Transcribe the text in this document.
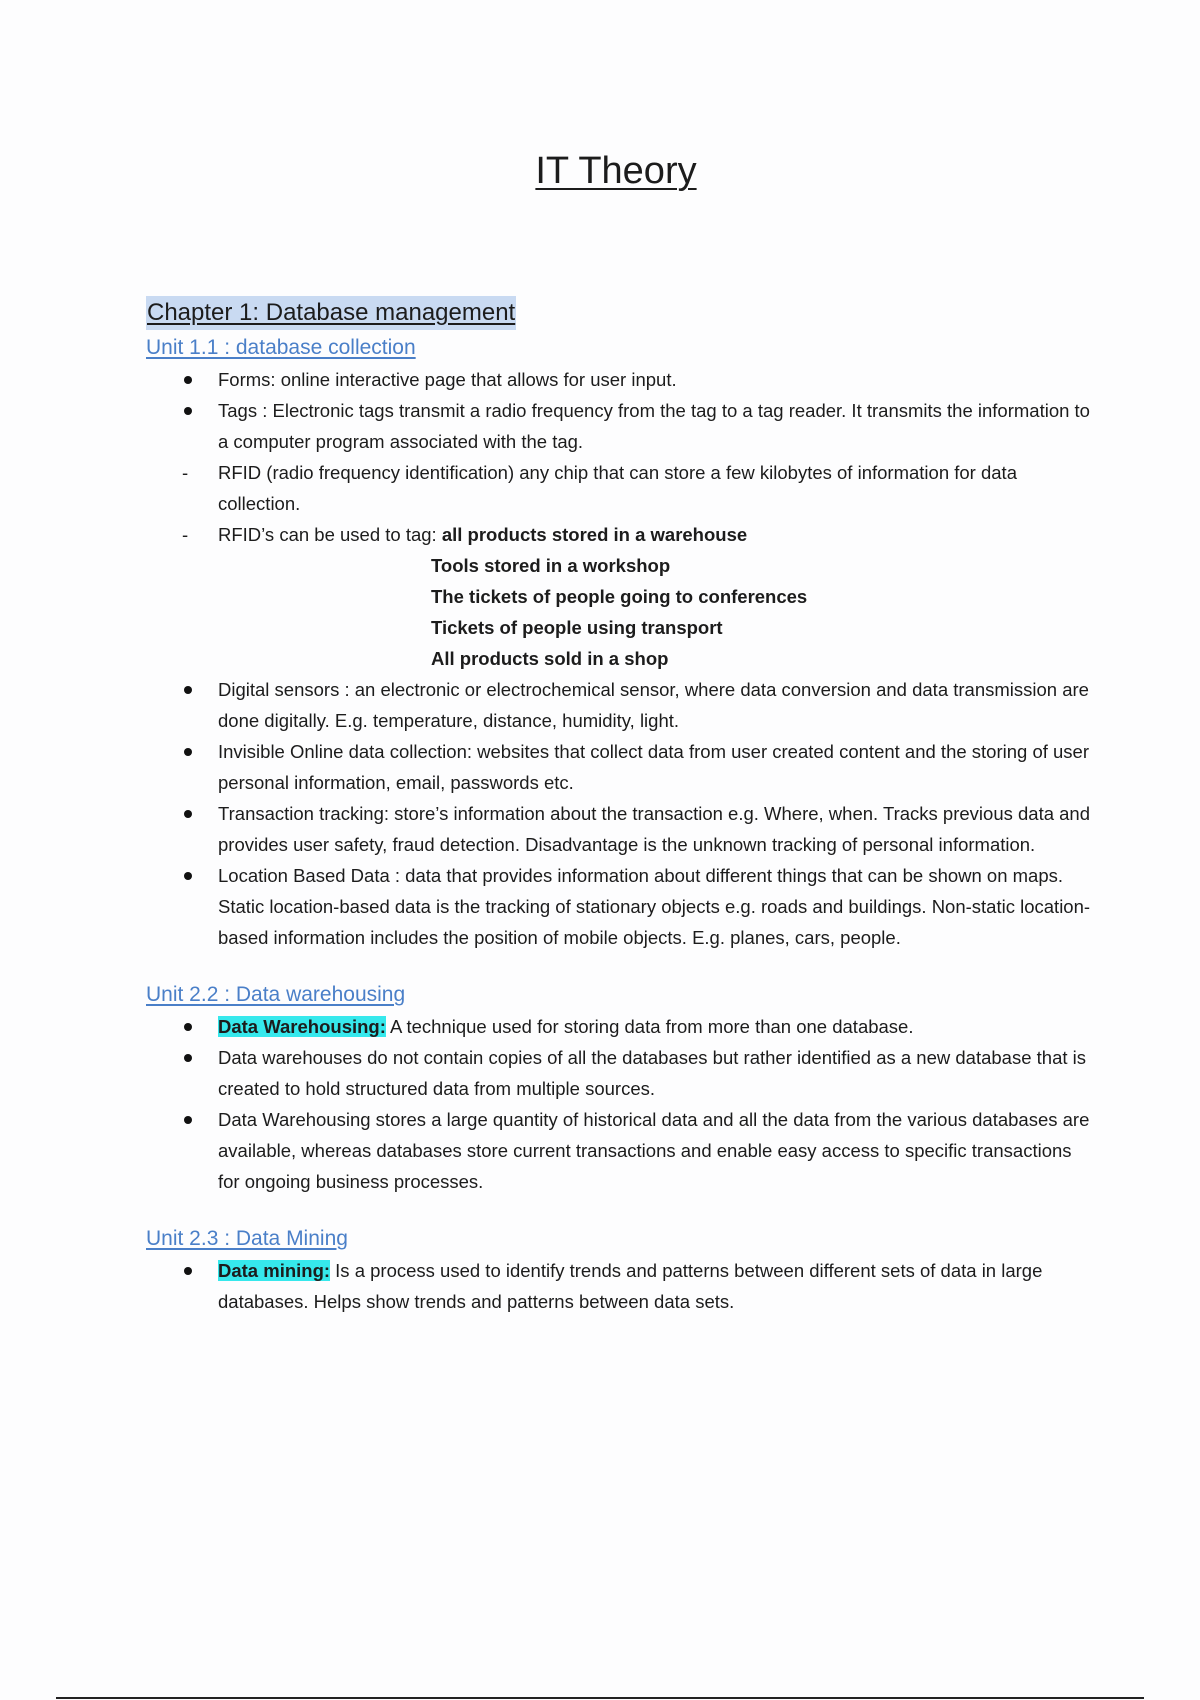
IT Theory
Chapter 1: Database management
Unit 1.1 : database collection
Forms: online interactive page that allows for user input.
Tags : Electronic tags transmit a radio frequency from the tag to a tag reader. It transmits the information to a computer program associated with the tag.
- RFID (radio frequency identification) any chip that can store a few kilobytes of information for data collection.
- RFID’s can be used to tag: all products stored in a warehouse
Tools stored in a workshop
The tickets of people going to conferences
Tickets of people using transport
All products sold in a shop
Digital sensors : an electronic or electrochemical sensor, where data conversion and data transmission are done digitally. E.g. temperature, distance, humidity, light.
Invisible Online data collection: websites that collect data from user created content and the storing of user personal information, email, passwords etc.
Transaction tracking: store’s information about the transaction e.g. Where, when. Tracks previous data and provides user safety, fraud detection. Disadvantage is the unknown tracking of personal information.
Location Based Data : data that provides information about different things that can be shown on maps. Static location-based data is the tracking of stationary objects e.g. roads and buildings. Non-static location-based information includes the position of mobile objects. E.g. planes, cars, people.
Unit 2.2 : Data warehousing
Data Warehousing: A technique used for storing data from more than one database.
Data warehouses do not contain copies of all the databases but rather identified as a new database that is created to hold structured data from multiple sources.
Data Warehousing stores a large quantity of historical data and all the data from the various databases are available, whereas databases store current transactions and enable easy access to specific transactions for ongoing business processes.
Unit 2.3 : Data Mining
Data mining: Is a process used to identify trends and patterns between different sets of data in large databases. Helps show trends and patterns between data sets.
